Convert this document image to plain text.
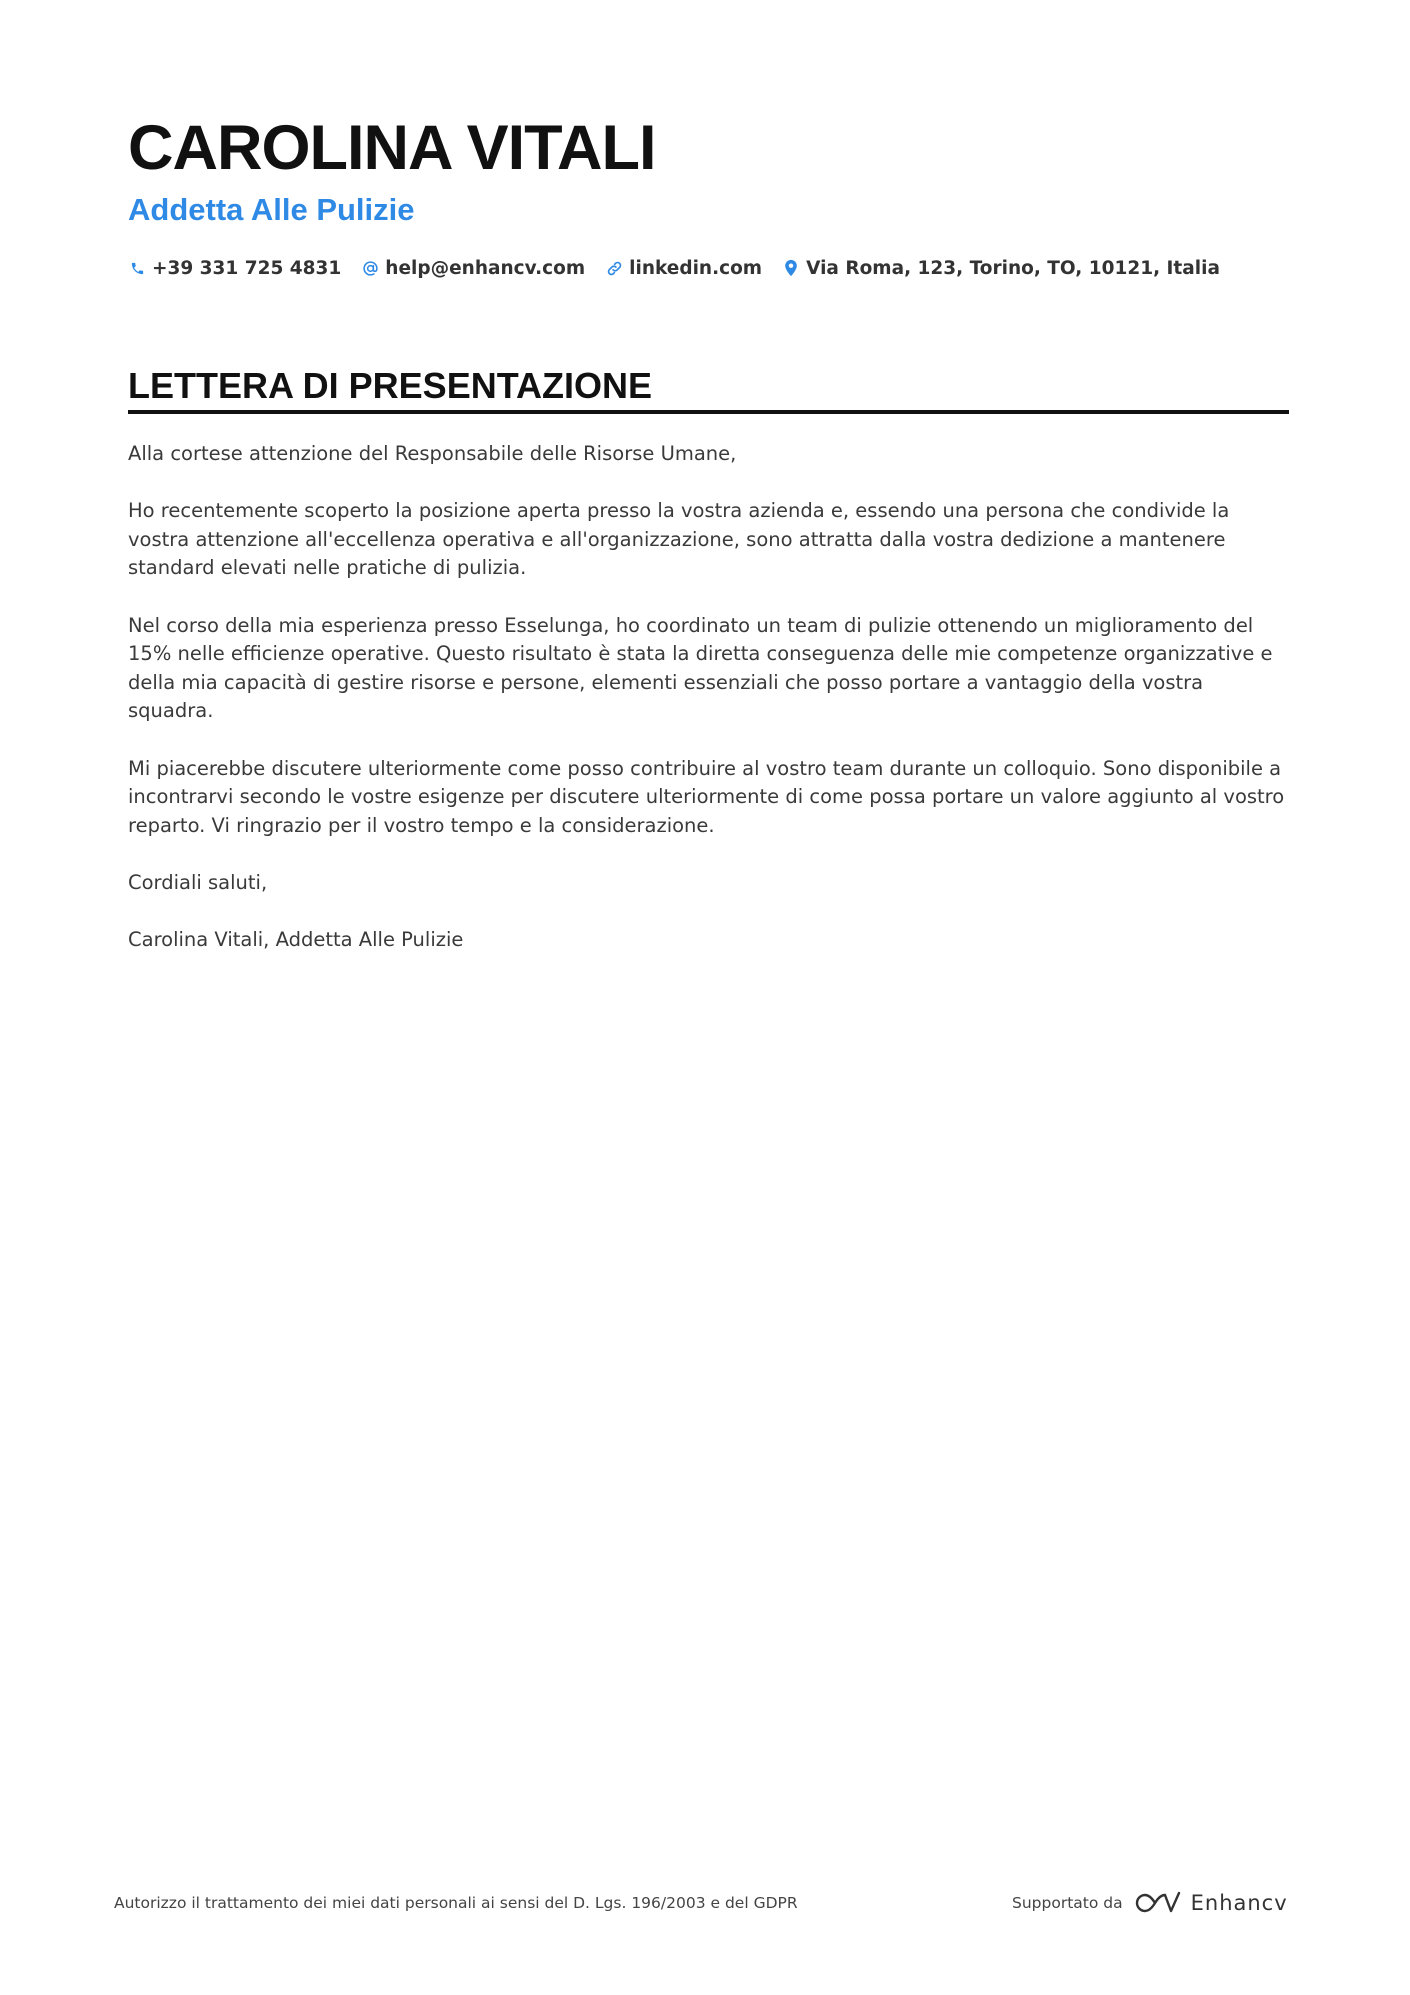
CAROLINA VITALI
Addetta Alle Pulizie
+39 331 725 4831 help@enhancv.com linkedin.com Via Roma, 123, Torino, TO, 10121, Italia
LETTERA DI PRESENTAZIONE

Alla cortese attenzione del Responsabile delle Risorse Umane,

Ho recentemente scoperto la posizione aperta presso la vostra azienda e, essendo una persona che condivide la vostra attenzione all'eccellenza operativa e all'organizzazione, sono attratta dalla vostra dedizione a mantenere standard elevati nelle pratiche di pulizia.

Nel corso della mia esperienza presso Esselunga, ho coordinato un team di pulizie ottenendo un miglioramento del 15% nelle efficienze operative. Questo risultato è stata la diretta conseguenza delle mie competenze organizzative e della mia capacità di gestire risorse e persone, elementi essenziali che posso portare a vantaggio della vostra squadra.

Mi piacerebbe discutere ulteriormente come posso contribuire al vostro team durante un colloquio. Sono disponibile a incontrarvi secondo le vostre esigenze per discutere ulteriormente di come possa portare un valore aggiunto al vostro reparto. Vi ringrazio per il vostro tempo e la considerazione.

Cordiali saluti,

Carolina Vitali, Addetta Alle Pulizie

Autorizzo il trattamento dei miei dati personali ai sensi del D. Lgs. 196/2003 e del GDPR	Supportato da	Enhancv
